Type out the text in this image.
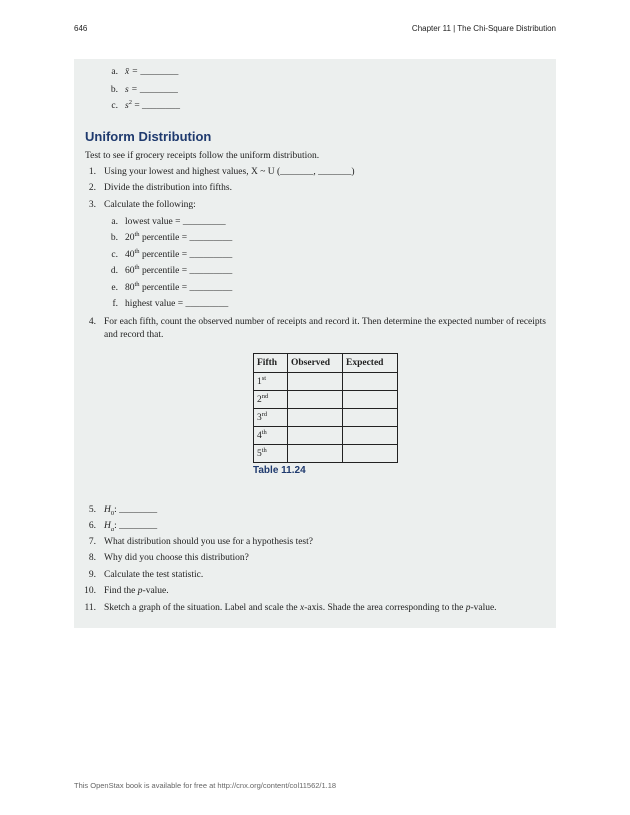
646	Chapter 11 | The Chi-Square Distribution
a. x̄ = ________
b. s = ________
c. $s^2$ = ________
Uniform Distribution
Test to see if grocery receipts follow the uniform distribution.
1. Using your lowest and highest values, X ~ U (_______, _______)
2. Divide the distribution into fifths.
3. Calculate the following:
a. lowest value = _________
b. 20th percentile = _________
c. 40th percentile = _________
d. 60th percentile = _________
e. 80th percentile = _________
f. highest value = _________
4. For each fifth, count the observed number of receipts and record it. Then determine the expected number of receipts and record that.
Fifth	Observed	Expected
1st		
2nd		
3rd		
4th		
5th		
Table 11.24
5. $H_0$: ________
6. $H_a$: ________
7. What distribution should you use for a hypothesis test?
8. Why did you choose this distribution?
9. Calculate the test statistic.
10. Find the p-value.
11. Sketch a graph of the situation. Label and scale the x-axis. Shade the area corresponding to the p-value.
This OpenStax book is available for free at http://cnx.org/content/col11562/1.18
